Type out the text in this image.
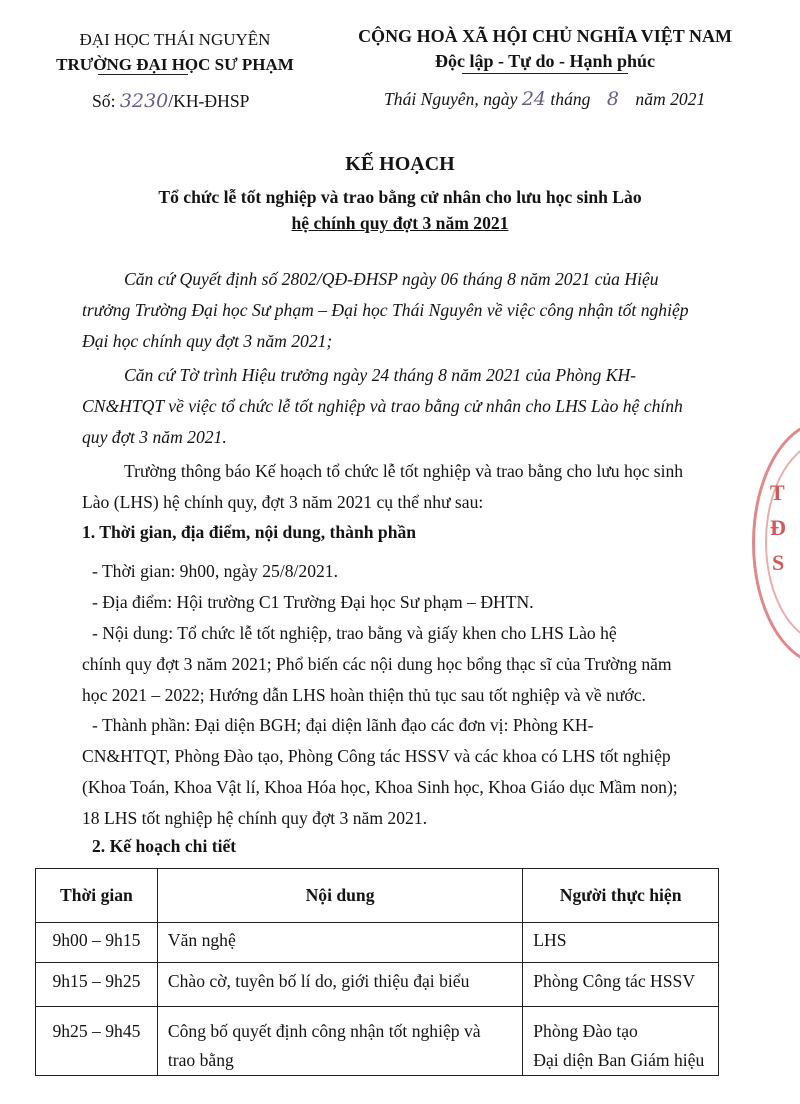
ĐẠI HỌC THÁI NGUYÊN
TRƯỜNG ĐẠI HỌC SƯ PHẠM
Số: 3230/KH-ĐHSP
CỘNG HOÀ XÃ HỘI CHỦ NGHĨA VIỆT NAM
Độc lập - Tự do - Hạnh phúc
Thái Nguyên, ngày 24 tháng 8 năm 2021
KẾ HOẠCH
Tổ chức lễ tốt nghiệp và trao bằng cử nhân cho lưu học sinh Lào
hệ chính quy đợt 3 năm 2021
Căn cứ Quyết định số 2802/QĐ-ĐHSP ngày 06 tháng 8 năm 2021 của Hiệu
trưởng Trường Đại học Sư phạm – Đại học Thái Nguyên về việc công nhận tốt nghiệp
Đại học chính quy đợt 3 năm 2021;
Căn cứ Tờ trình Hiệu trưởng ngày 24 tháng 8 năm 2021 của Phòng KH-
CN&HTQT về việc tổ chức lễ tốt nghiệp và trao bằng cử nhân cho LHS Lào hệ chính
quy đợt 3 năm 2021.
Trường thông báo Kế hoạch tổ chức lễ tốt nghiệp và trao bằng cho lưu học sinh
Lào (LHS) hệ chính quy, đợt 3 năm 2021 cụ thể như sau:
1. Thời gian, địa điểm, nội dung, thành phần
- Thời gian: 9h00, ngày 25/8/2021.
- Địa điểm: Hội trường C1 Trường Đại học Sư phạm – ĐHTN.
- Nội dung: Tổ chức lễ tốt nghiệp, trao bằng và giấy khen cho LHS Lào hệ
chính quy đợt 3 năm 2021; Phổ biến các nội dung học bổng thạc sĩ của Trường năm
học 2021 – 2022; Hướng dẫn LHS hoàn thiện thủ tục sau tốt nghiệp và về nước.
- Thành phần: Đại diện BGH; đại diện lãnh đạo các đơn vị: Phòng KH-
CN&HTQT, Phòng Đào tạo, Phòng Công tác HSSV và các khoa có LHS tốt nghiệp
(Khoa Toán, Khoa Vật lí, Khoa Hóa học, Khoa Sinh học, Khoa Giáo dục Mầm non);
18 LHS tốt nghiệp hệ chính quy đợt 3 năm 2021.
2. Kế hoạch chi tiết
Thời gian	Nội dung	Người thực hiện
9h00 – 9h15	Văn nghệ	LHS
9h15 – 9h25	Chào cờ, tuyên bố lí do, giới thiệu đại biểu	Phòng Công tác HSSV
9h25 – 9h45	Công bố quyết định công nhận tốt nghiệp và trao bằng	Phòng Đào tạo
Đại diện Ban Giám hiệu
T
Đ
S
